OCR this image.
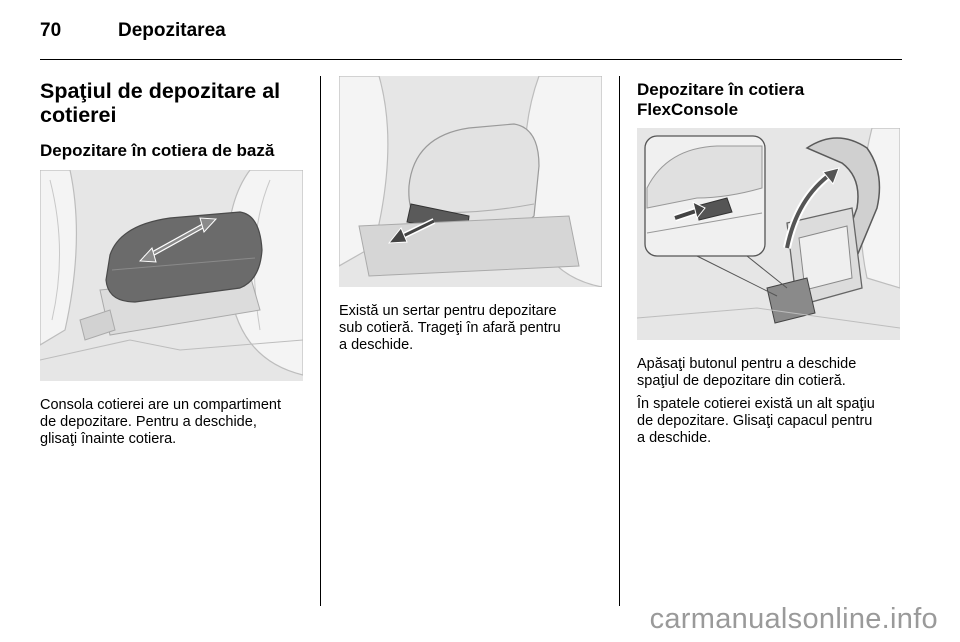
70	Depozitarea
Spaţiul de depozitare al
cotierei
Depozitare în cotiera de bază
Consola cotierei are un compartiment
de depozitare. Pentru a deschide,
glisaţi înainte cotiera.
Există un sertar pentru depozitare
sub cotieră. Trageţi în afară pentru
a deschide.
Depozitare în cotiera
FlexConsole
Apăsaţi butonul pentru a deschide
spaţiul de depozitare din cotieră.
În spatele cotierei există un alt spaţiu
de depozitare. Glisaţi capacul pentru
a deschide.
carmanualsonline.info
